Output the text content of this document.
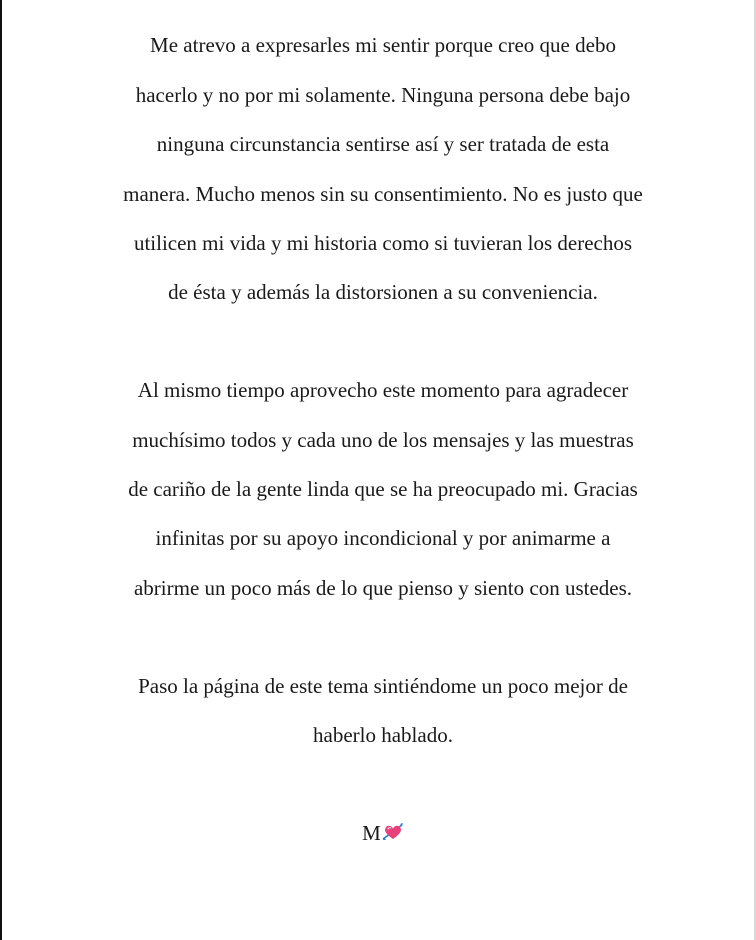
Me atrevo a expresarles mi sentir porque creo que debo
hacerlo y no por mi solamente. Ninguna persona debe bajo
ninguna circunstancia sentirse así y ser tratada de esta
manera. Mucho menos sin su consentimiento. No es justo que
utilicen mi vida y mi historia como si tuvieran los derechos
de ésta y además la distorsionen a su conveniencia.
Al mismo tiempo aprovecho este momento para agradecer
muchísimo todos y cada uno de los mensajes y las muestras
de cariño de la gente linda que se ha preocupado mi. Gracias
infinitas por su apoyo incondicional y por animarme a
abrirme un poco más de lo que pienso y siento con ustedes.
Paso la página de este tema sintiéndome un poco mejor de
haberlo hablado.
M
